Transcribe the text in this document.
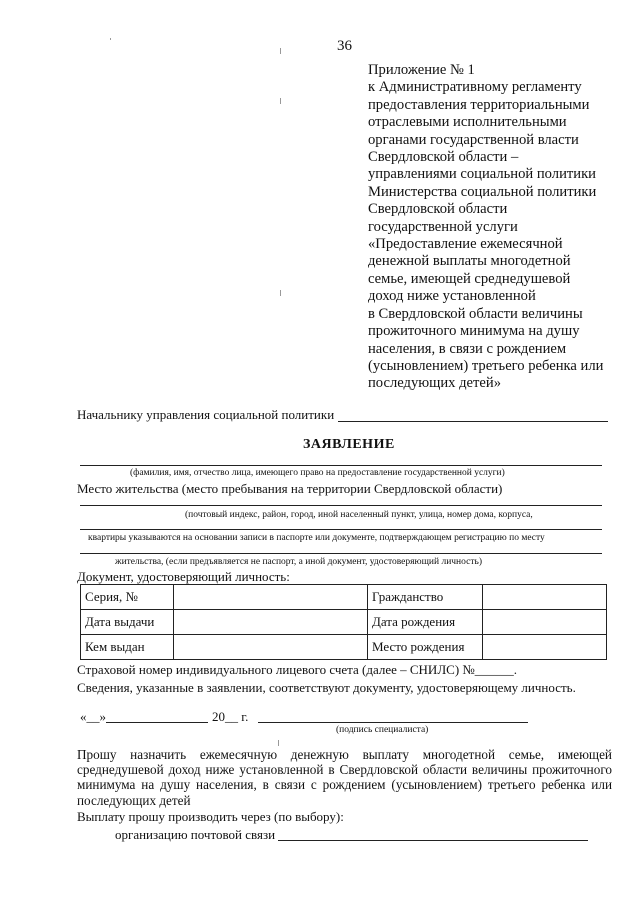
36
Приложение № 1
к Административному регламенту
предоставления территориальными
отраслевыми исполнительными
органами государственной власти
Свердловской области –
управлениями социальной политики
Министерства социальной политики
Свердловской области
государственной услуги
«Предоставление ежемесячной
денежной выплаты многодетной
семье, имеющей среднедушевой
доход ниже установленной
в Свердловской области величины
прожиточного минимума на душу
населения, в связи с рождением
(усыновлением) третьего ребенка или
последующих детей»
Начальнику управления социальной политики
ЗАЯВЛЕНИЕ
(фамилия, имя, отчество лица, имеющего право на предоставление государственной услуги)
Место жительства (место пребывания на территории Свердловской области)
(почтовый индекс, район, город, иной населенный пункт, улица, номер дома, корпуса,
квартиры указываются на основании записи в паспорте или документе, подтверждающем регистрацию по месту
жительства, (если предъявляется не паспорт, а иной документ, удостоверяющий личность)
Документ, удостоверяющий личность:
Серия, №		Гражданство	
Дата выдачи		Дата рождения	
Кем выдан		Место рождения	
Страховой номер индивидуального лицевого счета (далее – СНИЛС) №______.
Сведения, указанные в заявлении, соответствуют документу, удостоверяющему личность.
«__»	20__ г.
(подпись специалиста)
Прошу назначить ежемесячную денежную выплату многодетной семье, имеющей среднедушевой доход ниже установленной в Свердловской области величины прожиточного минимума на душу населения, в связи с рождением (усыновлением) третьего ребенка или последующих детей
Выплату прошу производить через (по выбору):
организацию почтовой связи
